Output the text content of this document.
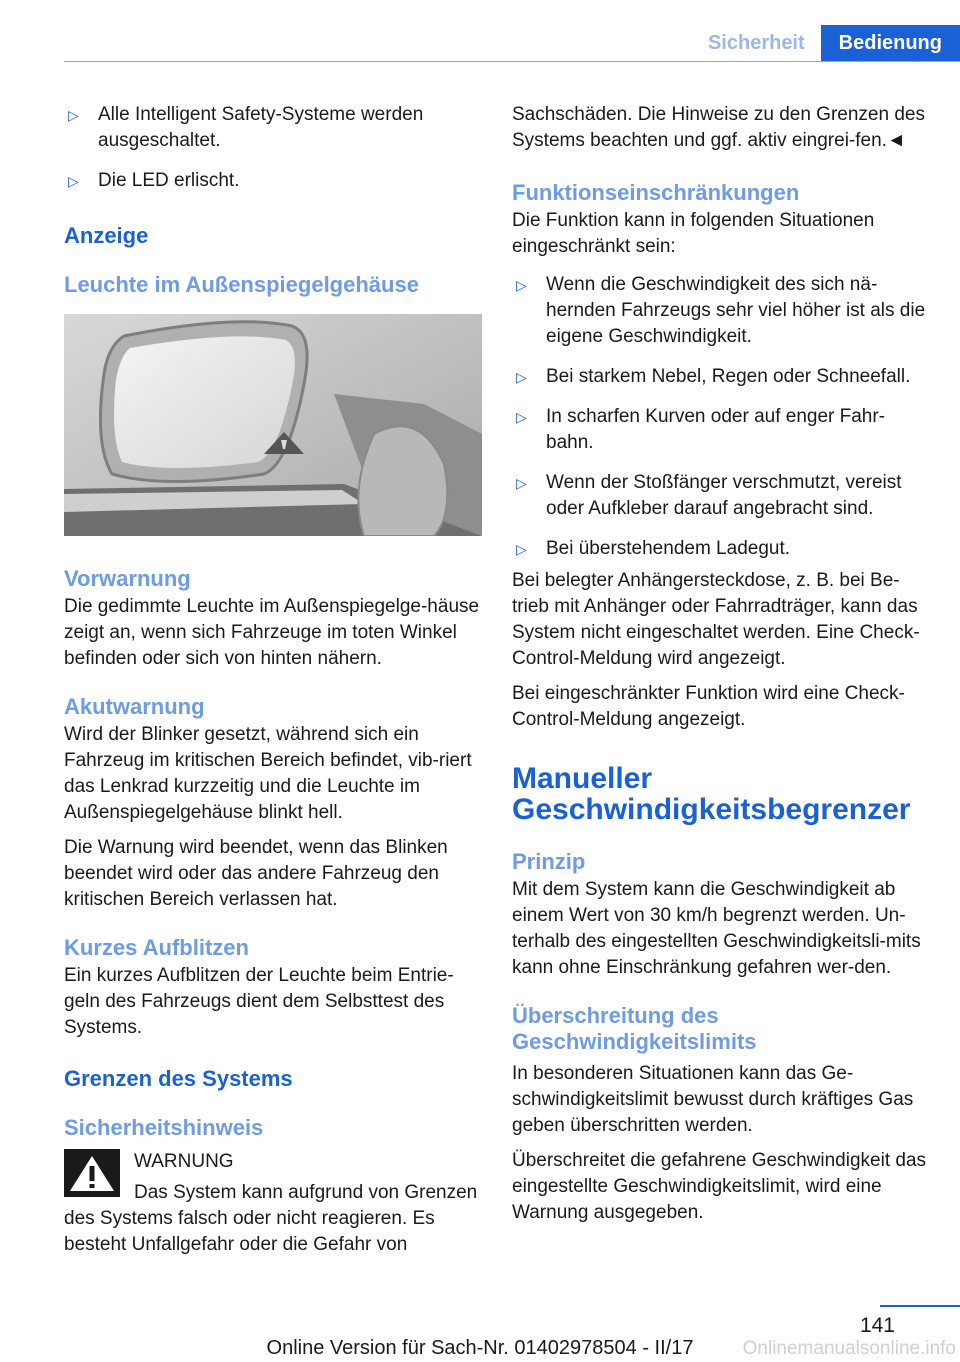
Sicherheit	Bedienung
▷	Alle Intelligent Safety-Systeme werden ausgeschaltet.
▷	Die LED erlischt.
Anzeige
Leuchte im Außenspiegelgehäuse
Vorwarnung

Die gedimmte Leuchte im Außenspiegelge‐häuse zeigt an, wenn sich Fahrzeuge im toten Winkel befinden oder sich von hinten nähern.

Akutwarnung

Wird der Blinker gesetzt, während sich ein Fahrzeug im kritischen Bereich befindet, vib‐riert das Lenkrad kurzzeitig und die Leuchte im Außenspiegelgehäuse blinkt hell.

Die Warnung wird beendet, wenn das Blinken beendet wird oder das andere Fahrzeug den kritischen Bereich verlassen hat.

Kurzes Aufblitzen

Ein kurzes Aufblitzen der Leuchte beim Entrie‐geln des Fahrzeugs dient dem Selbsttest des Systems.

Grenzen des Systems
Sicherheitshinweis

WARNUNG

Das System kann aufgrund von Grenzen

des Systems falsch oder nicht reagieren. Es besteht Unfallgefahr oder die Gefahr von

Sachschäden. Die Hinweise zu den Grenzen des Systems beachten und ggf. aktiv eingrei‐fen.◄

Funktionseinschränkungen

Die Funktion kann in folgenden Situationen eingeschränkt sein:

▷	Wenn die Geschwindigkeit des sich nä‐hernden Fahrzeugs sehr viel höher ist als die eigene Geschwindigkeit.
▷	Bei starkem Nebel, Regen oder Schneefall.
▷	In scharfen Kurven oder auf enger Fahr‐bahn.
▷	Wenn der Stoßfänger verschmutzt, vereist oder Aufkleber darauf angebracht sind.
▷	Bei überstehendem Ladegut.

Bei belegter Anhängersteckdose, z. B. bei Be‐trieb mit Anhänger oder Fahrradträger, kann das System nicht eingeschaltet werden. Eine Check-Control-Meldung wird angezeigt.

Bei eingeschränkter Funktion wird eine Check-Control-Meldung angezeigt.

Manueller Geschwindigkeitsbegrenzer
Prinzip

Mit dem System kann die Geschwindigkeit ab einem Wert von 30 km/h begrenzt werden. Un‐terhalb des eingestellten Geschwindigkeitsli‐mits kann ohne Einschränkung gefahren wer‐den.

Überschreitung des Geschwindigkeitslimits

In besonderen Situationen kann das Ge‐schwindigkeitslimit bewusst durch kräftiges Gas geben überschritten werden.

Überschreitet die gefahrene Geschwindigkeit das eingestellte Geschwindigkeitslimit, wird eine Warnung ausgegeben.

141
Online Version für Sach-Nr. 01402978504 - II/17	Onlinemanualsonline.info
